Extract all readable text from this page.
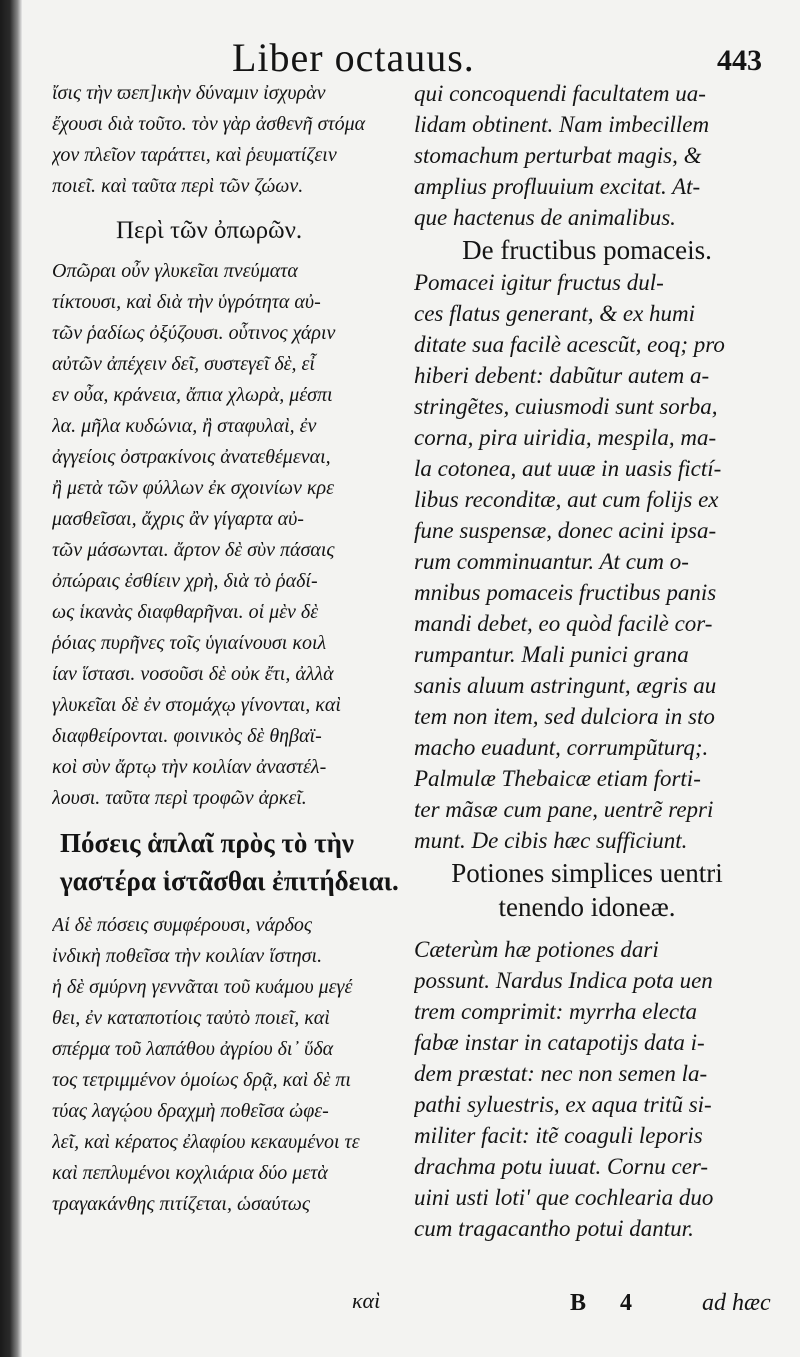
Liber octauus.	443
ἴσις τὴν ϖεπ]ικὴν δύναμιν ἰσχυρὰν
ἔχουσι διὰ τοῦτο. τὸν γὰρ ἀσθενῆ στόμα
χον πλεῖον ταράττει, καὶ ῥευματίζειν
ποιεῖ. καὶ ταῦτα περὶ τῶν ζώων.
Περὶ τῶν ὀπωρῶν.
Οπῶραι οὖν γλυκεῖαι πνεύματα
τίκτουσι, καὶ διὰ τὴν ὑγρότητα αὐ-
τῶν ῥαδίως ὀξύζουσι. οὗτινος χάριν
αὐτῶν ἀπέχειν δεῖ, συστεγεῖ δὲ, εἶ
εν οὖα, κράνεια, ἄπια χλωρὰ, μέσπι
λα. μῆλα κυδώνια, ἢ σταφυλαὶ, ἐν
ἀγγείοις ὀστρακίνοις ἀνατεθέμεναι,
ἢ μετὰ τῶν φύλλων ἐκ σχοινίων κρε
μασθεῖσαι, ἄχρις ἂν γίγαρτα αὐ-
τῶν μάσωνται. ἄρτον δὲ σὺν πάσαις
ὀπώραις ἐσθίειν χρὴ, διὰ τὸ ῥαδί-
ως ἱκανὰς διαφθαρῆναι. οἱ μὲν δὲ
ῥόιας πυρῆνες τοῖς ὑγιαίνουσι κοιλ
ίαν ἵστασι. νοσοῦσι δὲ οὐκ ἔτι, ἀλλὰ
γλυκεῖαι δὲ ἐν στομάχῳ γίνονται, καὶ
διαφθείρονται. φοινικὸς δὲ θηβαϊ-
κοὶ σὺν ἄρτῳ τὴν κοιλίαν ἀναστέλ-
λουσι. ταῦτα περὶ τροφῶν ἀρκεῖ.
Πόσεις ἁπλαῖ πρὸς τὸ τὴν
γαστέρα ἱστᾶσθαι ἐπιτήδειαι.
Αἱ δὲ πόσεις συμφέρουσι, νάρδος
ἰνδικὴ ποθεῖσα τὴν κοιλίαν ἵστησι.
ἡ δὲ σμύρνη γεννᾶται τοῦ κυάμου μεγέ
θει, ἐν καταποτίοις ταὐτὸ ποιεῖ, καὶ
σπέρμα τοῦ λαπάθου ἀγρίου δι᾽ ὕδα
τος τετριμμένον ὁμοίως δρᾷ, καὶ δὲ πι
τύας λαγῴου δραχμὴ ποθεῖσα ὠφε-
λεῖ, καὶ κέρατος ἐλαφίου κεκαυμένοι τε
καὶ πεπλυμένοι κοχλιάρια δύο μετὰ
τραγακάνθης πιτίζεται, ὡσαύτως
qui concoquendi facultatem ua-
lidam obtinent. Nam imbecillem
stomachum perturbat magis, &
amplius profluuium excitat. At-
que hactenus de animalibus.
De fructibus pomaceis.
Pomacei igitur fructus dul-
ces flatus generant, & ex humi
ditate sua facilè acescũt, eoq; pro
hiberi debent: dabũtur autem a-
stringẽtes, cuiusmodi sunt sorba,
corna, pira uiridia, mespila, ma-
la cotonea, aut uuæ in uasis fictí-
libus reconditæ, aut cum folijs ex
fune suspensæ, donec acini ipsa-
rum comminuantur. At cum o-
mnibus pomaceis fructibus panis
mandi debet, eo quòd facilè cor-
rumpantur. Mali punici grana
sanis aluum astringunt, ægris au
tem non item, sed dulciora in sto
macho euadunt, corrumpũturq;.
Palmulæ Thebaicæ etiam forti-
ter mãsæ cum pane, uentrẽ repri
munt. De cibis hæc sufficiunt.
Potiones simplices uentri
tenendo idoneæ.
Cæterùm hæ potiones dari
possunt. Nardus Indica pota uen
trem comprimit: myrrha electa
fabæ instar in catapotijs data i-
dem præstat: nec non semen la-
pathi syluestris, ex aqua tritũ si-
militer facit: itẽ coaguli leporis
drachma potu iuuat. Cornu cer-
uini usti loti' que cochlearia duo
cum tragacantho potui dantur.
καὶ	B 4 ad hæc
